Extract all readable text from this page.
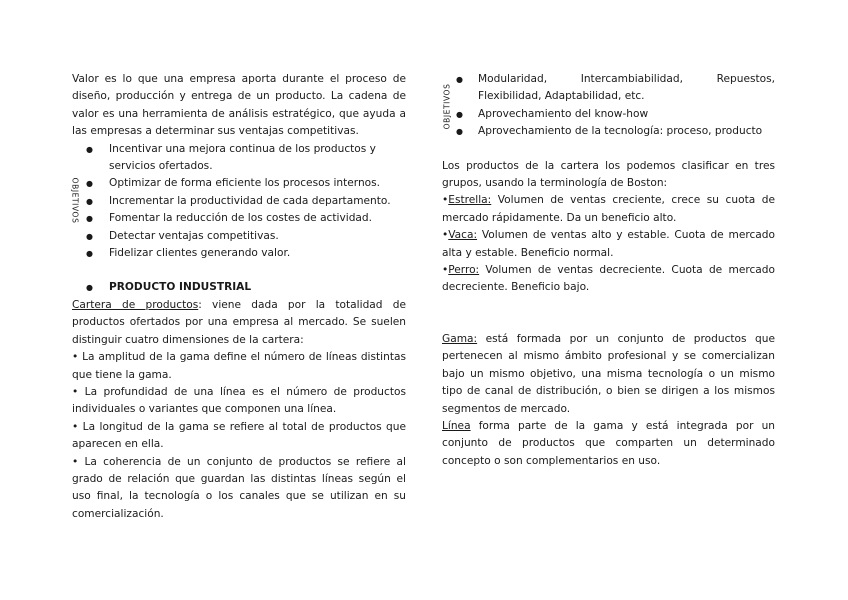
Valor es lo que una empresa aporta durante el proceso de diseño, producción y entrega de un producto. La cadena de valor es una herramienta de análisis estratégico, que ayuda a las empresas a determinar sus ventajas competitivas.

● Incentivar una mejora continua de los productos y servicios ofertados.
● Optimizar de forma eficiente los procesos internos.
● Incrementar la productividad de cada departamento.
● Fomentar la reducción de los costes de actividad.
● Detectar ventajas competitivas.
● Fidelizar clientes generando valor.
● PRODUCTO INDUSTRIAL

Cartera de productos: viene dada por la totalidad de productos ofertados por una empresa al mercado. Se suelen distinguir cuatro dimensiones de la cartera:

• La amplitud de la gama define el número de líneas distintas que tiene la gama.

• La profundidad de una línea es el número de productos individuales o variantes que componen una línea.

• La longitud de la gama se refiere al total de productos que aparecen en ella.

• La coherencia de un conjunto de productos se refiere al grado de relación que guardan las distintas líneas según el uso final, la tecnología o los canales que se utilizan en su comercialización.

OBJETIVOS
● Modularidad, Intercambiabilidad, Repuestos, Flexibilidad, Adaptabilidad, etc.
● Aprovechamiento del know-how
● Aprovechamiento de la tecnología: proceso, producto

Los productos de la cartera los podemos clasificar en tres grupos, usando la terminología de Boston:

•Estrella: Volumen de ventas creciente, crece su cuota de mercado rápidamente. Da un beneficio alto.

•Vaca: Volumen de ventas alto y estable. Cuota de mercado alta y estable. Beneficio normal.

•Perro: Volumen de ventas decreciente. Cuota de mercado decreciente. Beneficio bajo.

Gama: está formada por un conjunto de productos que pertenecen al mismo ámbito profesional y se comercializan bajo un mismo objetivo, una misma tecnología o un mismo tipo de canal de distribución, o bien se dirigen a los mismos segmentos de mercado.

Línea forma parte de la gama y está integrada por un conjunto de productos que comparten un determinado concepto o son complementarios en uso.

OBJETIVOS
